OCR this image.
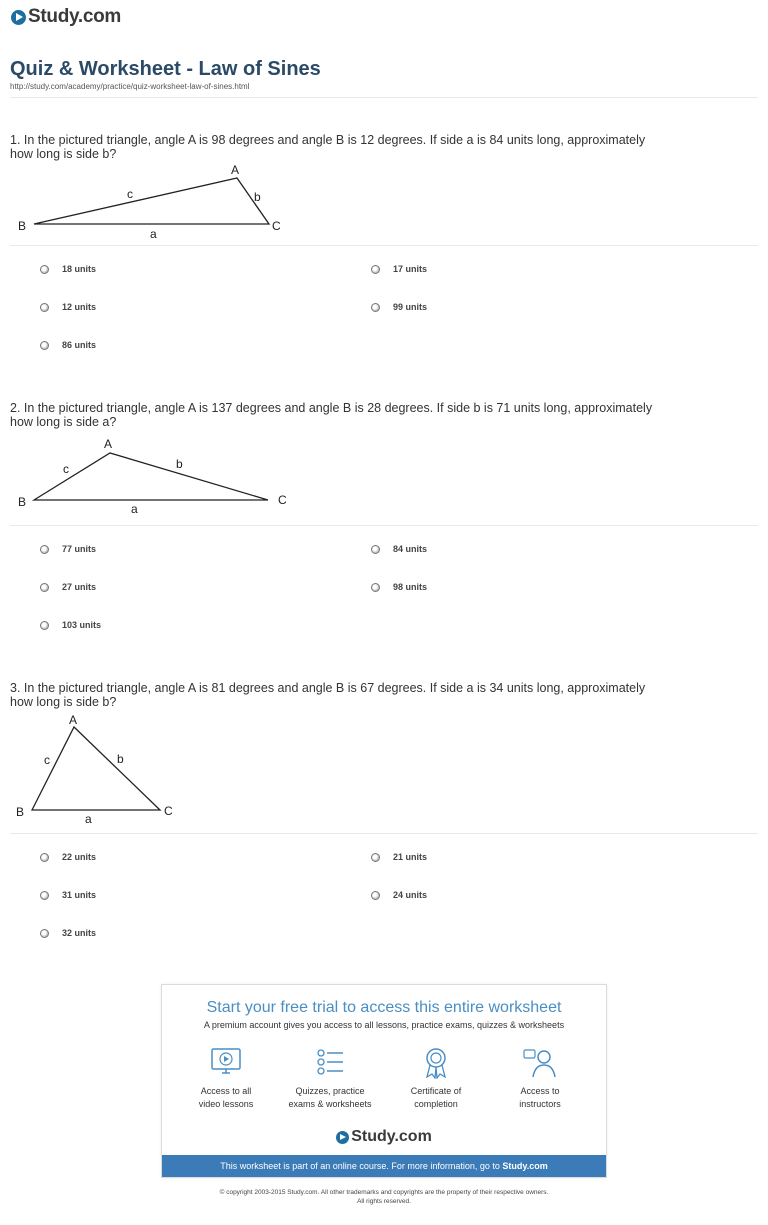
Study.com
Quiz & Worksheet - Law of Sines
http://study.com/academy/practice/quiz-worksheet-law-of-sines.html
1. In the pictured triangle, angle A is 98 degrees and angle B is 12 degrees. If side a is 84 units long, approximately how long is side b?
A
B	C
c	b
a
18 units	17 units
12 units	99 units
86 units
2. In the pictured triangle, angle A is 137 degrees and angle B is 28 degrees. If side b is 71 units long, approximately how long is side a?
A
B	C
c	b
a
77 units	84 units
27 units	98 units
103 units
3. In the pictured triangle, angle A is 81 degrees and angle B is 67 degrees. If side a is 34 units long, approximately how long is side b?
A
B	C
c	b
a
22 units	21 units
31 units	24 units
32 units
Start your free trial to access this entire worksheet
A premium account gives you access to all lessons, practice exams, quizzes & worksheets
Access to all
video lessons
Quizzes, practice
exams & worksheets
Certificate of
completion
Access to
instructors
Study.com
This worksheet is part of an online course. For more information, go to Study.com
© copyright 2003-2015 Study.com. All other trademarks and copyrights are the property of their respective owners.
All rights reserved.
